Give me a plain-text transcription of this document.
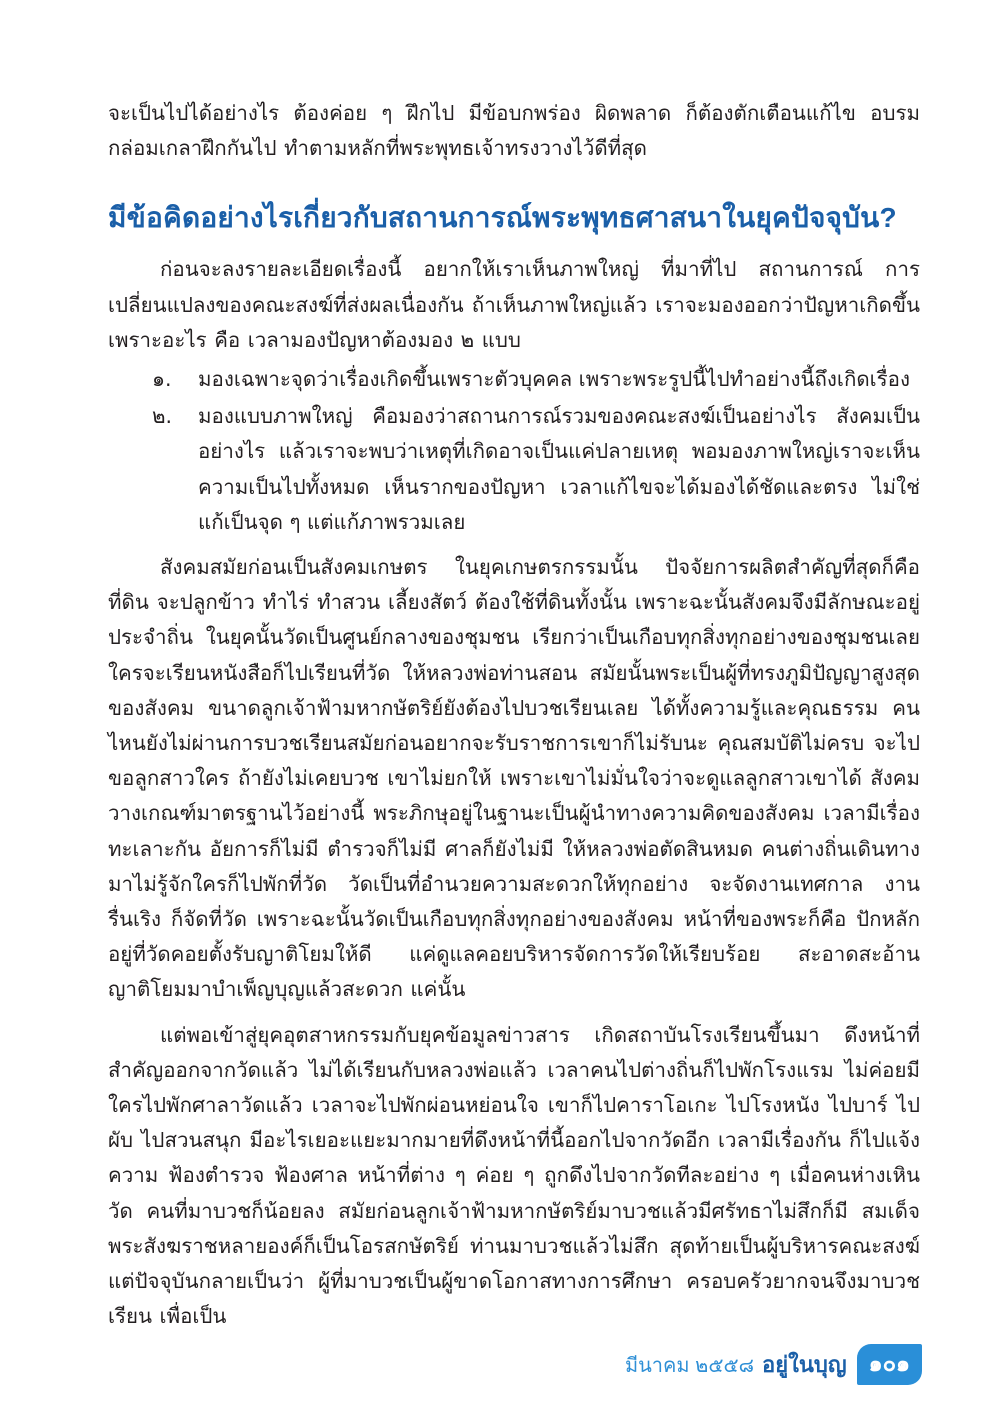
จะเป็นไปได้อย่างไร ต้องค่อย ๆ ฝึกไป มีข้อบกพร่อง ผิดพลาด ก็ต้องตักเตือนแก้ไข อบรมกล่อมเกลาฝึกกันไป ทำตามหลักที่พระพุทธเจ้าทรงวางไว้ดีที่สุด

มีข้อคิดอย่างไรเกี่ยวกับสถานการณ์พระพุทธศาสนาในยุคปัจจุบัน?

ก่อนจะลงรายละเอียดเรื่องนี้ อยากให้เราเห็นภาพใหญ่ ที่มาที่ไป สถานการณ์ การเปลี่ยนแปลงของคณะสงฆ์ที่ส่งผลเนื่องกัน ถ้าเห็นภาพใหญ่แล้ว เราจะมองออกว่าปัญหาเกิดขึ้นเพราะอะไร คือ เวลามองปัญหาต้องมอง ๒ แบบ

๑.	มองเฉพาะจุดว่าเรื่องเกิดขึ้นเพราะตัวบุคคล เพราะพระรูปนี้ไปทำอย่างนี้ถึงเกิดเรื่อง
๒.	มองแบบภาพใหญ่ คือมองว่าสถานการณ์รวมของคณะสงฆ์เป็นอย่างไร สังคมเป็นอย่างไร แล้วเราจะพบว่าเหตุที่เกิดอาจเป็นแค่ปลายเหตุ พอมองภาพใหญ่เราจะเห็นความเป็นไปทั้งหมด เห็นรากของปัญหา เวลาแก้ไขจะได้มองได้ชัดและตรง ไม่ใช่แก้เป็นจุด ๆ แต่แก้ภาพรวมเลย

สังคมสมัยก่อนเป็นสังคมเกษตร ในยุคเกษตรกรรมนั้น ปัจจัยการผลิตสำคัญที่สุดก็คือที่ดิน จะปลูกข้าว ทำไร่ ทำสวน เลี้ยงสัตว์ ต้องใช้ที่ดินทั้งนั้น เพราะฉะนั้นสังคมจึงมีลักษณะอยู่ประจำถิ่น ในยุคนั้นวัดเป็นศูนย์กลางของชุมชน เรียกว่าเป็นเกือบทุกสิ่งทุกอย่างของชุมชนเลย ใครจะเรียนหนังสือก็ไปเรียนที่วัด ให้หลวงพ่อท่านสอน สมัยนั้นพระเป็นผู้ที่ทรงภูมิปัญญาสูงสุดของสังคม ขนาดลูกเจ้าฟ้ามหากษัตริย์ยังต้องไปบวชเรียนเลย ได้ทั้งความรู้และคุณธรรม คนไหนยังไม่ผ่านการบวชเรียนสมัยก่อนอยากจะรับราชการเขาก็ไม่รับนะ คุณสมบัติไม่ครบ จะไปขอลูกสาวใคร ถ้ายังไม่เคยบวช เขาไม่ยกให้ เพราะเขาไม่มั่นใจว่าจะดูแลลูกสาวเขาได้ สังคมวางเกณฑ์มาตรฐานไว้อย่างนี้ พระภิกษุอยู่ในฐานะเป็นผู้นำทางความคิดของสังคม เวลามีเรื่องทะเลาะกัน อัยการก็ไม่มี ตำรวจก็ไม่มี ศาลก็ยังไม่มี ให้หลวงพ่อตัดสินหมด คนต่างถิ่นเดินทางมาไม่รู้จักใครก็ไปพักที่วัด วัดเป็นที่อำนวยความสะดวกให้ทุกอย่าง จะจัดงานเทศกาล งานรื่นเริง ก็จัดที่วัด เพราะฉะนั้นวัดเป็นเกือบทุกสิ่งทุกอย่างของสังคม หน้าที่ของพระก็คือ ปักหลักอยู่ที่วัดคอยตั้งรับญาติโยมให้ดี แค่ดูแลคอยบริหารจัดการวัดให้เรียบร้อย สะอาดสะอ้าน ญาติโยมมาบำเพ็ญบุญแล้วสะดวก แค่นั้น

แต่พอเข้าสู่ยุคอุตสาหกรรมกับยุคข้อมูลข่าวสาร เกิดสถาบันโรงเรียนขึ้นมา ดึงหน้าที่สำคัญออกจากวัดแล้ว ไม่ได้เรียนกับหลวงพ่อแล้ว เวลาคนไปต่างถิ่นก็ไปพักโรงแรม ไม่ค่อยมีใครไปพักศาลาวัดแล้ว เวลาจะไปพักผ่อนหย่อนใจ เขาก็ไปคาราโอเกะ ไปโรงหนัง ไปบาร์ ไปผับ ไปสวนสนุก มีอะไรเยอะแยะมากมายที่ดึงหน้าที่นี้ออกไปจากวัดอีก เวลามีเรื่องกัน ก็ไปแจ้งความ ฟ้องตำรวจ ฟ้องศาล หน้าที่ต่าง ๆ ค่อย ๆ ถูกดึงไปจากวัดทีละอย่าง ๆ เมื่อคนห่างเหินวัด คนที่มาบวชก็น้อยลง สมัยก่อนลูกเจ้าฟ้ามหากษัตริย์มาบวชแล้วมีศรัทธาไม่สึกก็มี สมเด็จพระสังฆราชหลายองค์ก็เป็นโอรสกษัตริย์ ท่านมาบวชแล้วไม่สึก สุดท้ายเป็นผู้บริหารคณะสงฆ์ แต่ปัจจุบันกลายเป็นว่า ผู้ที่มาบวชเป็นผู้ขาดโอกาสทางการศึกษา ครอบครัวยากจนจึงมาบวชเรียน เพื่อเป็น

มีนาคม ๒๕๕๘ อยู่ในบุญ	๑๐๑
